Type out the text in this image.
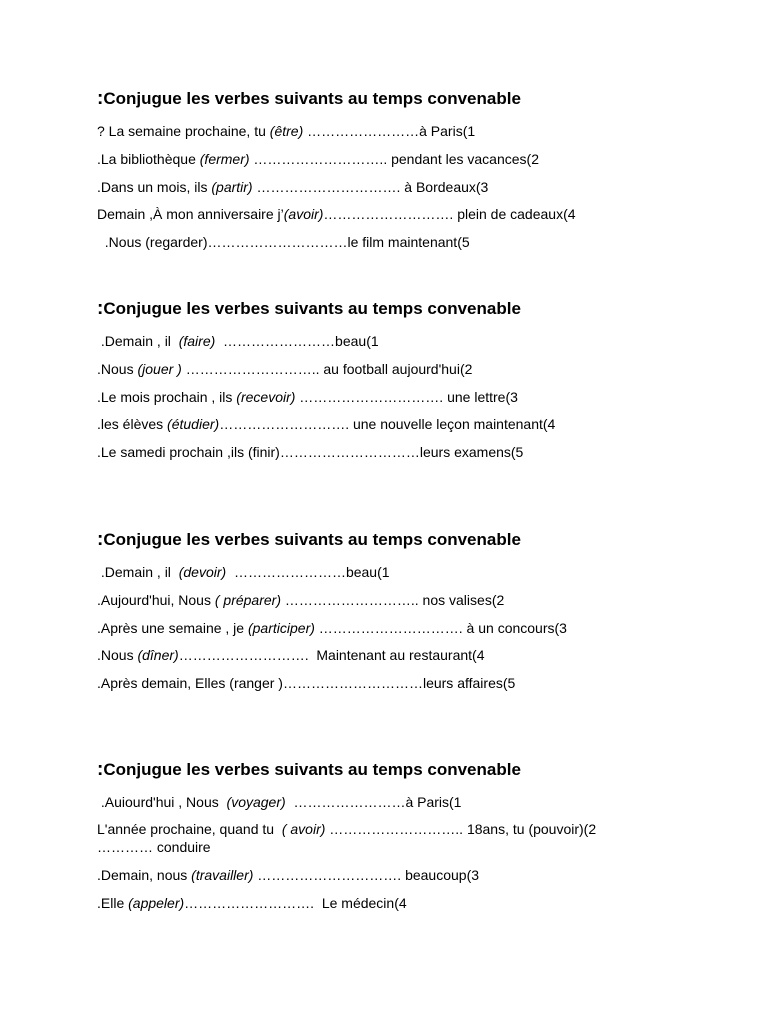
:Conjugue les verbes suivants au temps convenable
? La semaine prochaine, tu (être) ……………………à Paris(1
.La bibliothèque (fermer) ……………………….. pendant les vacances(2
.Dans un mois, ils (partir) …………………………. à Bordeaux(3
Demain ,À mon anniversaire j’(avoir)………………………. plein de cadeaux(4
.Nous (regarder)…………………………le film maintenant(5
:Conjugue les verbes suivants au temps convenable
.Demain , il  (faire)  ……………………beau(1
.Nous (jouer ) ……………………….. au football aujourd'hui(2
.Le mois prochain , ils (recevoir) …………………………. une lettre(3
.les élèves (étudier)………………………. une nouvelle leçon maintenant(4
.Le samedi prochain ,ils (finir)…………………………leurs examens(5
:Conjugue les verbes suivants au temps convenable
.Demain , il  (devoir)  ……………………beau(1
.Aujourd'hui, Nous ( préparer) ……………………….. nos valises(2
.Après une semaine , je (participer) …………………………. à un concours(3
.Nous (dîner)……………………….  Maintenant au restaurant(4
.Après demain, Elles (ranger )…………………………leurs affaires(5
:Conjugue les verbes suivants au temps convenable
.Auiourd'hui , Nous  (voyager)  ……………………à Paris(1
L'année prochaine, quand tu  ( avoir) ……………………….. 18ans, tu (pouvoir)(2
………… conduire
.Demain, nous (travailler) …………………………. beaucoup(3
.Elle (appeler)……………………….  Le médecin(4
